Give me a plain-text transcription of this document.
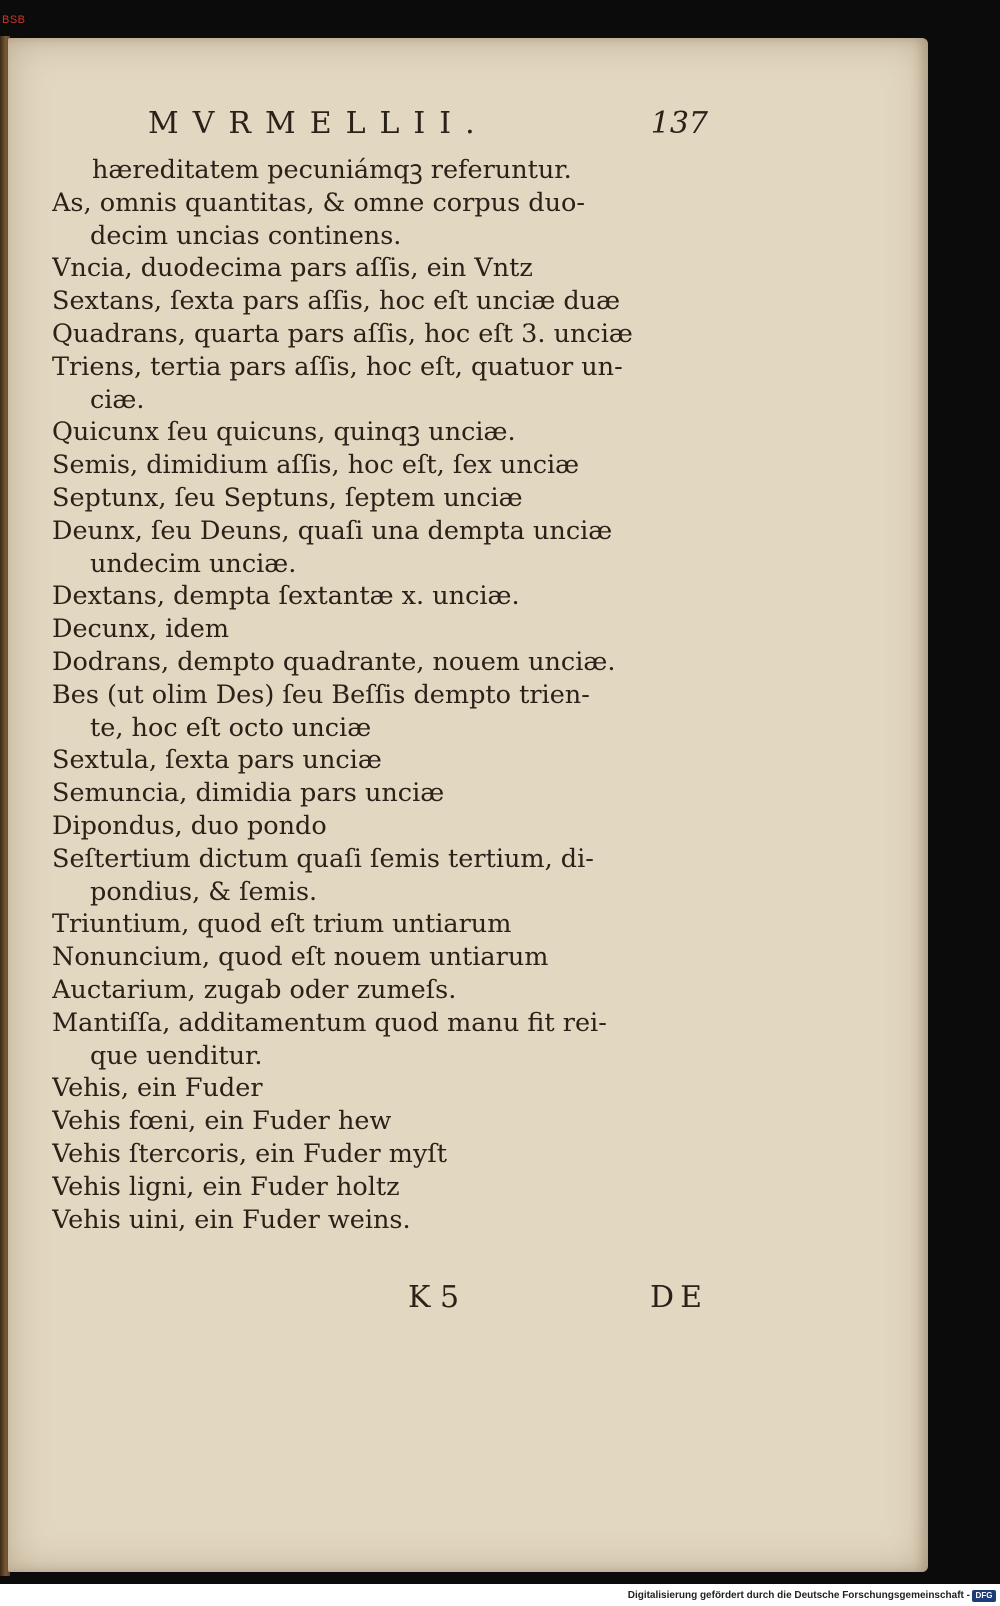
BSB
MVRMELLII.	137
hæreditatem pecuniámqꝫ referuntur.
As, omnis quantitas, & omne corpus duo-
decim uncias continens.
Vncia, duodecima pars aſſis, ein Vntz
Sextans, ſexta pars aſſis, hoc eſt unciæ duæ
Quadrans, quarta pars aſſis, hoc eſt 3. unciæ
Triens, tertia pars aſſis, hoc eſt, quatuor un-
ciæ.
Quicunx ſeu quicuns, quinqꝫ unciæ.
Semis, dimidium aſſis, hoc eſt, ſex unciæ
Septunx, ſeu Septuns, ſeptem unciæ
Deunx, ſeu Deuns, quaſi una dempta unciæ
undecim unciæ.
Dextans, dempta ſextantæ x. unciæ.
Decunx, idem
Dodrans, dempto quadrante, nouem unciæ.
Bes (ut olim Des) ſeu Beſſis dempto trien-
te, hoc eſt octo unciæ
Sextula, ſexta pars unciæ
Semuncia, dimidia pars unciæ
Dipondus, duo pondo
Seſtertium dictum quaſi ſemis tertium, di-
pondius, & ſemis.
Triuntium, quod eſt trium untiarum
Nonuncium, quod eſt nouem untiarum
Auctarium, zugab oder zumeſs.
Mantiſſa, additamentum quod manu fit rei-
que uenditur.
Vehis, ein Fuder
Vehis fœni, ein Fuder hew
Vehis ſtercoris, ein Fuder myſt
Vehis ligni, ein Fuder holtz
Vehis uini, ein Fuder weins.
K 5	DE
Digitalisierung gefördert durch die Deutsche Forschungsgemeinschaft - DFG
